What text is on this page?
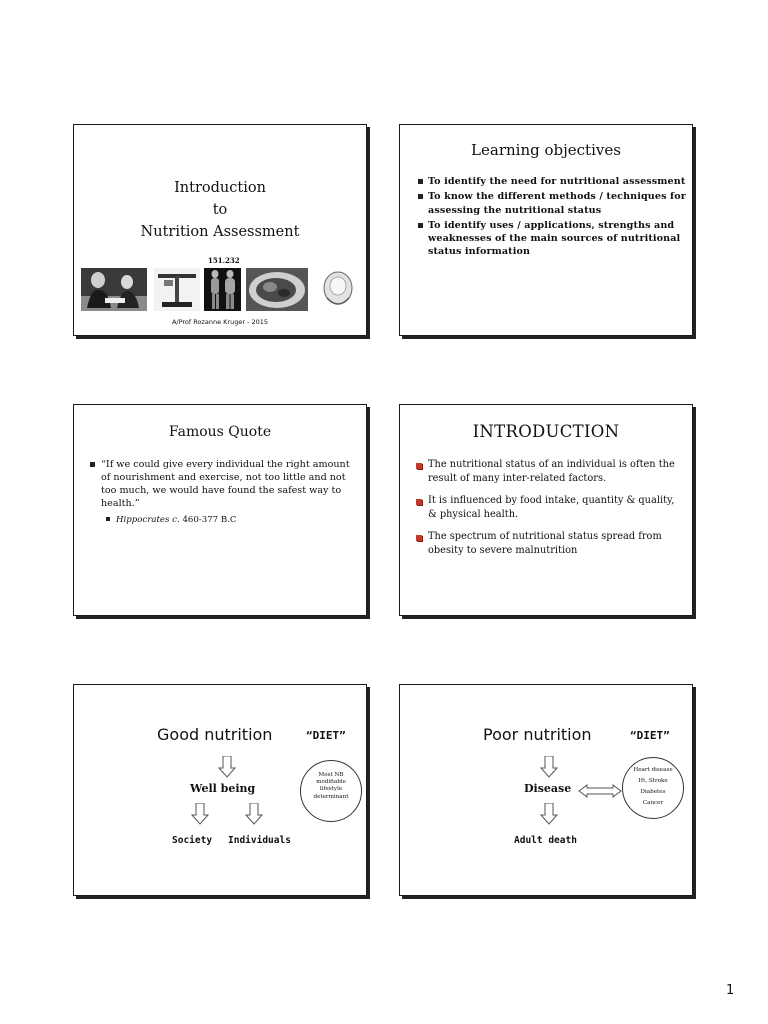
Introduction
to
Nutrition Assessment
151.232
A/Prof Rozanne Kruger - 2015
Learning objectives
To identify the need for nutritional assessment
To know the different methods / techniques for assessing the nutritional status
To identify uses / applications, strengths and weaknesses of the main sources of nutritional status information
Famous Quote
“If we could give every individual the right amount of nourishment and exercise, not too little and not too much, we would have found the safest way to health.”
Hippocrates c. 460-377 B.C
INTRODUCTION
The nutritional status of an individual is often the result of many inter-related factors.
It is influenced by food intake, quantity & quality, & physical health.
The spectrum of nutritional status spread from obesity to severe malnutrition
Good nutrition	“DIET”
Well being
Society Individuals
Most NB
modifiable
lifestyle
determinant
Poor nutrition	“DIET”
Disease
Adult death
Heart disease
Ht, Stroke
Diabetes
Cancer
1
